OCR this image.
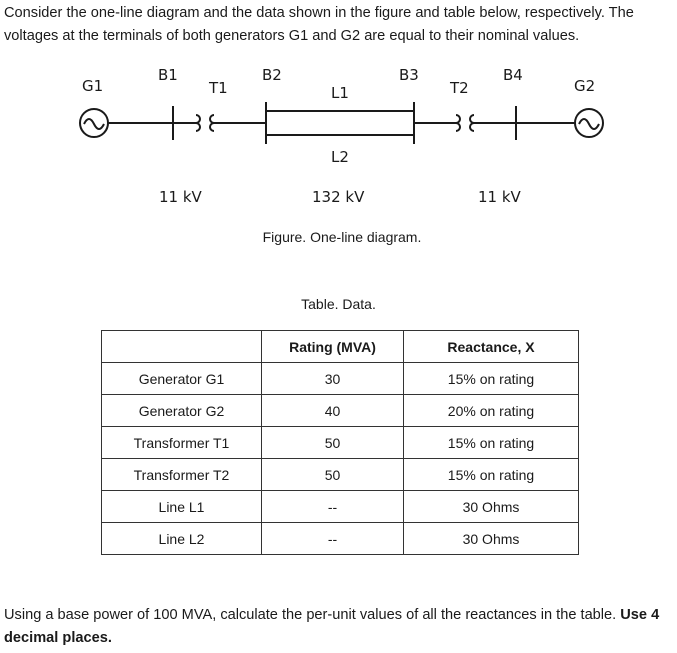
Consider the one-line diagram and the data shown in the figure and table below, respectively. The voltages at the terminals of both generators G1 and G2 are equal to their nominal values.

G1
B1
T1
B2
L1
B3
T2
B4
G2
L2
11 kV	132 kV	11 kV
Figure. One-line diagram.
Table. Data.
	Rating (MVA)	Reactance, X
Generator G1	30	15% on rating
Generator G2	40	20% on rating
Transformer T1	50	15% on rating
Transformer T2	50	15% on rating
Line L1	--	30 Ohms
Line L2	--	30 Ohms

Using a base power of 100 MVA, calculate the per-unit values of all the reactances in the table. Use 4 decimal places.
